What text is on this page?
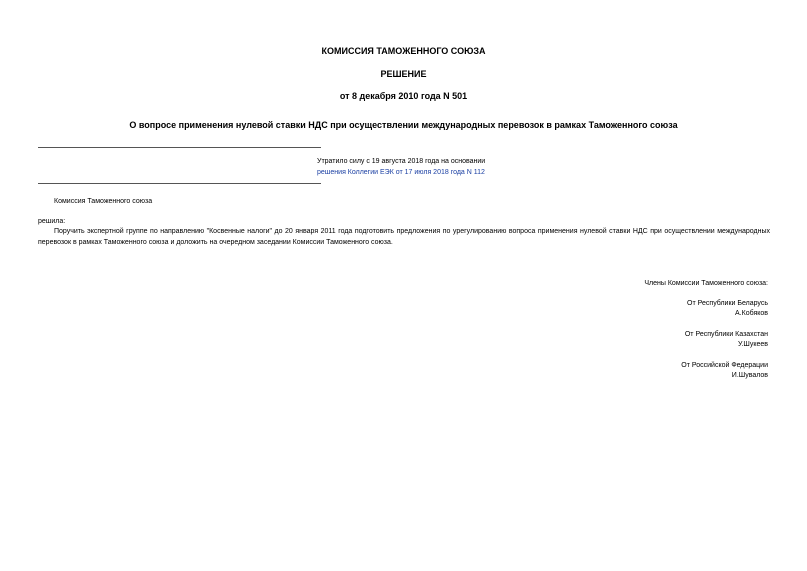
КОМИССИЯ ТАМОЖЕННОГО СОЮЗА
РЕШЕНИЕ
от 8 декабря 2010 года N 501
О вопросе применения нулевой ставки НДС при осуществлении международных перевозок в рамках Таможенного союза
Утратило силу с 19 августа 2018 года на основании
решения Коллегии ЕЭК от 17 июля 2018 года N 112
Комиссия Таможенного союза
решила:
Поручить экспертной группе по направлению "Косвенные налоги" до 20 января 2011 года подготовить предложения по урегулированию вопроса применения нулевой ставки НДС при осуществлении международных перевозок в рамках Таможенного союза и доложить на очередном заседании Комиссии Таможенного союза.
Члены Комиссии Таможенного союза:
От Республики Беларусь
А.Кобяков
От Республики Казахстан
У.Шукеев
От Российской Федерации
И.Шувалов
